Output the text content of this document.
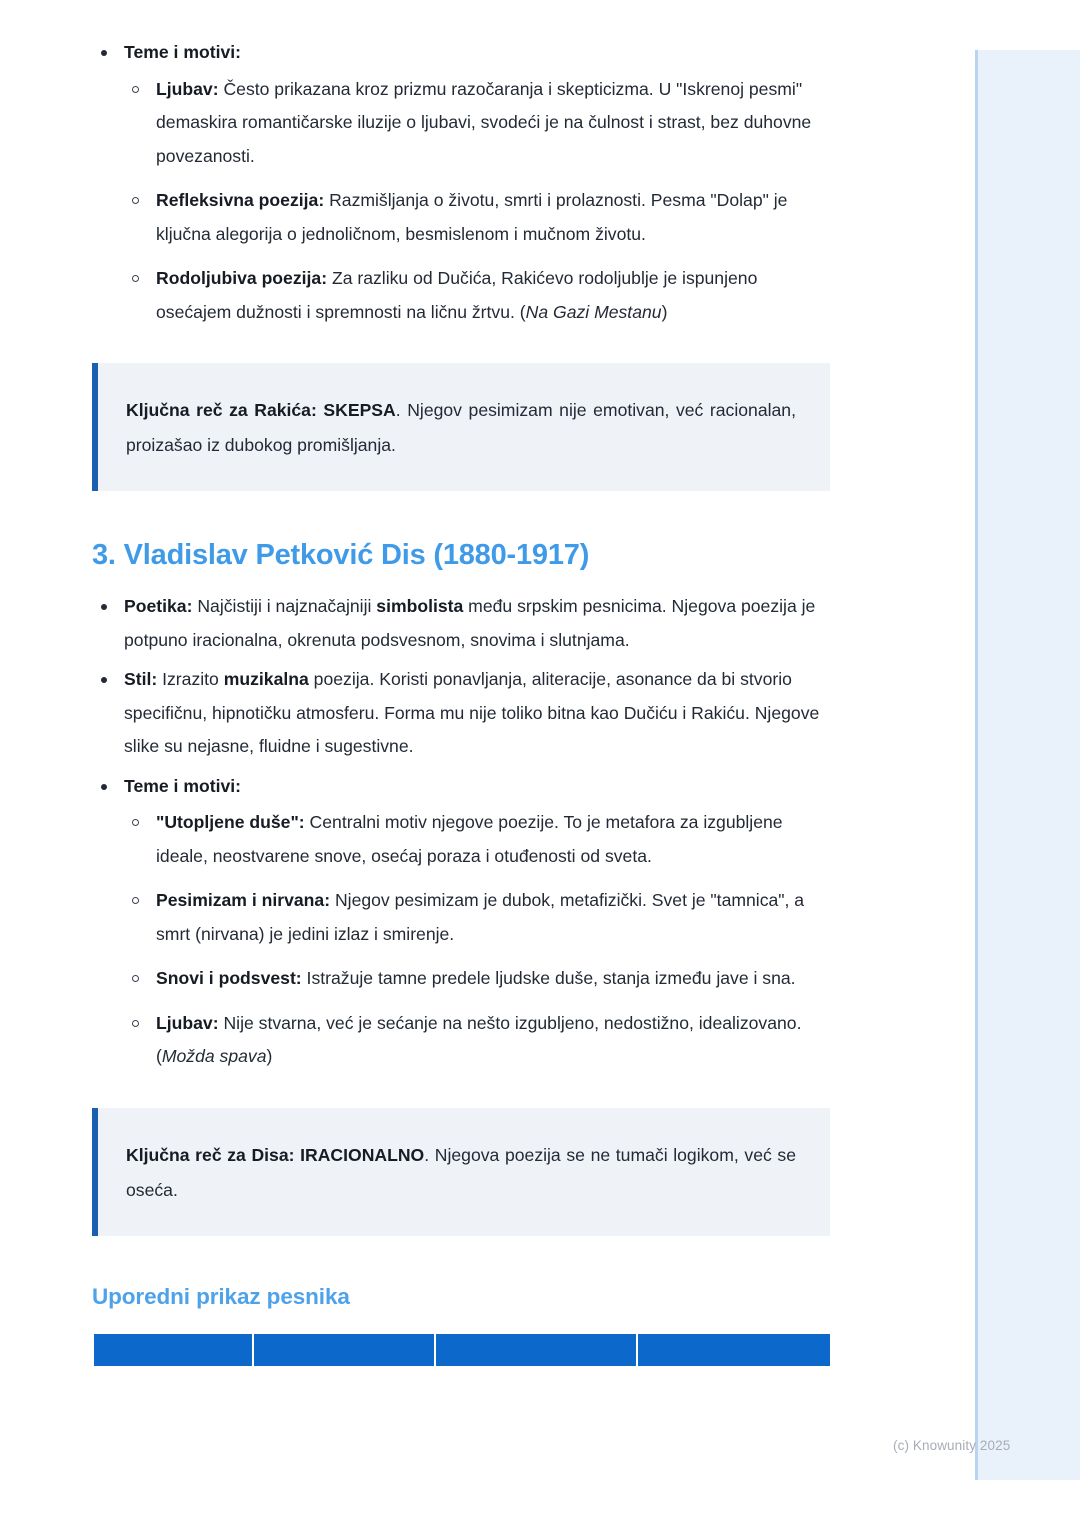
(c) Knowunity 2025
Teme i motivi:
Ljubav: Često prikazana kroz prizmu razočaranja i skepticizma. U "Iskrenoj pesmi" demaskira romantičarske iluzije o ljubavi, svodeći je na čulnost i strast, bez duhovne povezanosti.
Refleksivna poezija: Razmišljanja o životu, smrti i prolaznosti. Pesma "Dolap" je ključna alegorija o jednoličnom, besmislenom i mučnom životu.
Rodoljubiva poezija: Za razliku od Dučića, Rakićevo rodoljublje je ispunjeno osećajem dužnosti i spremnosti na ličnu žrtvu. (Na Gazi Mestanu)
Ključna reč za Rakića: SKEPSA. Njegov pesimizam nije emotivan, već racionalan, proizašao iz dubokog promišljanja.
3. Vladislav Petković Dis (1880-1917)
Poetika: Najčistiji i najznačajniji simbolista među srpskim pesnicima. Njegova poezija je potpuno iracionalna, okrenuta podsvesnom, snovima i slutnjama.
Stil: Izrazito muzikalna poezija. Koristi ponavljanja, aliteracije, asonance da bi stvorio specifičnu, hipnotičku atmosferu. Forma mu nije toliko bitna kao Dučiću i Rakiću. Njegove slike su nejasne, fluidne i sugestivne.
Teme i motivi:
"Utopljene duše": Centralni motiv njegove poezije. To je metafora za izgubljene ideale, neostvarene snove, osećaj poraza i otuđenosti od sveta.
Pesimizam i nirvana: Njegov pesimizam je dubok, metafizički. Svet je "tamnica", a smrt (nirvana) je jedini izlaz i smirenje.
Snovi i podsvest: Istražuje tamne predele ljudske duše, stanja između jave i sna.
Ljubav: Nije stvarna, već je sećanje na nešto izgubljeno, nedostižno, idealizovano. (Možda spava)
Ključna reč za Disa: IRACIONALNO. Njegova poezija se ne tumači logikom, već se oseća.
Uporedni prikaz pesnika
